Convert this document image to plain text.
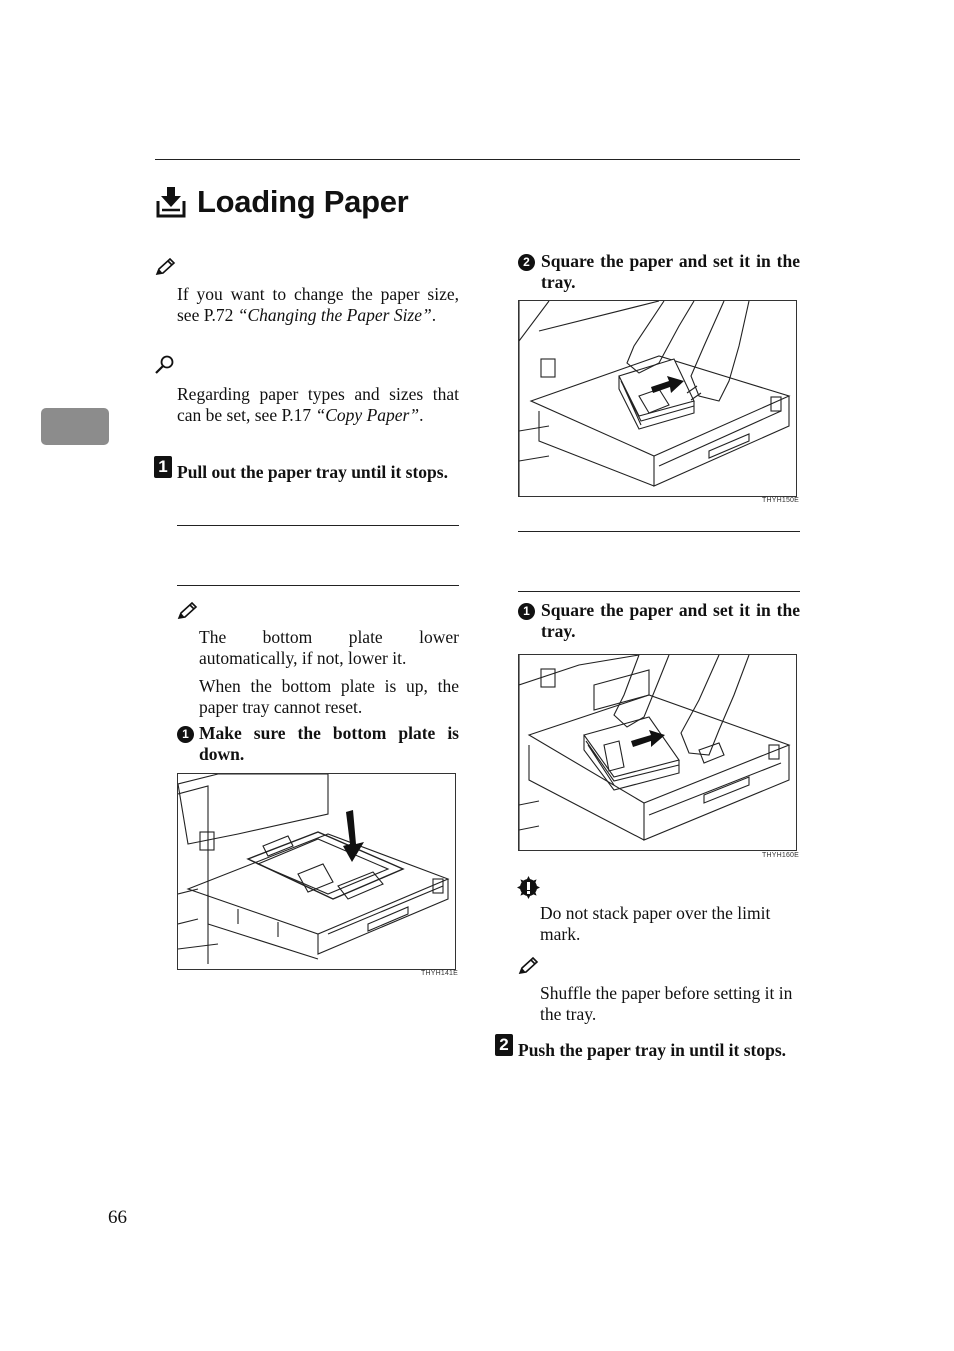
Loading Paper
If you want to change the paper size, see P.72 “Changing the Paper Size”.
Regarding paper types and sizes that can be set, see P.17 “Copy Paper”.
1 Pull out the paper tray until it stops.
The bottom plate lower automatically, if not, lower it.
When the bottom plate is up, the paper tray cannot reset.
1 Make sure the bottom plate is down.
THYH141E
2 Square the paper and set it in the tray.
THYH150E
1 Square the paper and set it in the tray.
THYH160E
Do not stack paper over the limit mark.
Shuffle the paper before setting it in the tray.
2 Push the paper tray in until it stops.
66
